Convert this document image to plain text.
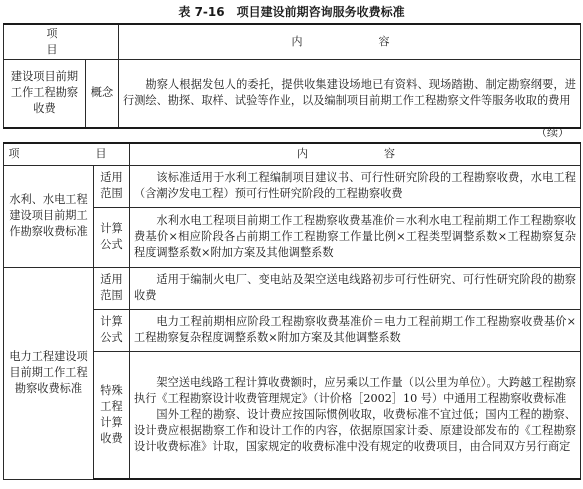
表 7-16　项目建设前期咨询服务收费标准
项　　目		内　　容
建设项目前期工作工程勘察收费	概念	勘察人根据发包人的委托，提供收集建设场地已有资料、现场踏勘、制定勘察纲要，进行测绘、勘探、取样、试验等作业，以及编制项目前期工作工程勘察文件等服务收取的费用
（续）
项　　目		内　　容
水利、水电工程建设项目前期工作勘察收费标准	适用范围	该标准适用于水利工程编制项目建议书、可行性研究阶段的工程勘察收费，水电工程（含潮汐发电工程）预可行性研究阶段的工程勘察收费
	计算公式	水利水电工程项目前期工作工程勘察收费基准价＝水利水电工程前期工作工程勘察收费基价×相应阶段各占前期工作工程勘察工作量比例×工程类型调整系数×工程勘察复杂程度调整系数×附加方案及其他调整系数
电力工程建设项目前期工作工程勘察收费标准	适用范围	适用于编制火电厂、变电站及架空送电线路初步可行性研究、可行性研究阶段的勘察收费
	计算公式	电力工程前期相应阶段工程勘察收费基准价＝电力工程前期工作工程勘察收费基价×工程勘察复杂程度调整系数×附加方案及其他调整系数
	特殊工程计算收费	架空送电线路工程计算收费额时，应另乘以工作量（以公里为单位）。大跨越工程勘察执行《工程勘察设计收费管理规定》（计价格［2002］10 号）中通用工程勘察收费标准
国外工程的勘察、设计费应按国际惯例收取，收费标准不宜过低；国内工程的勘察、设计费应根据勘察工作和设计工作的内容，依据原国家计委、原建设部发布的《工程勘察设计收费标准》计取，国家规定的收费标准中没有规定的收费项目，由合同双方另行商定
